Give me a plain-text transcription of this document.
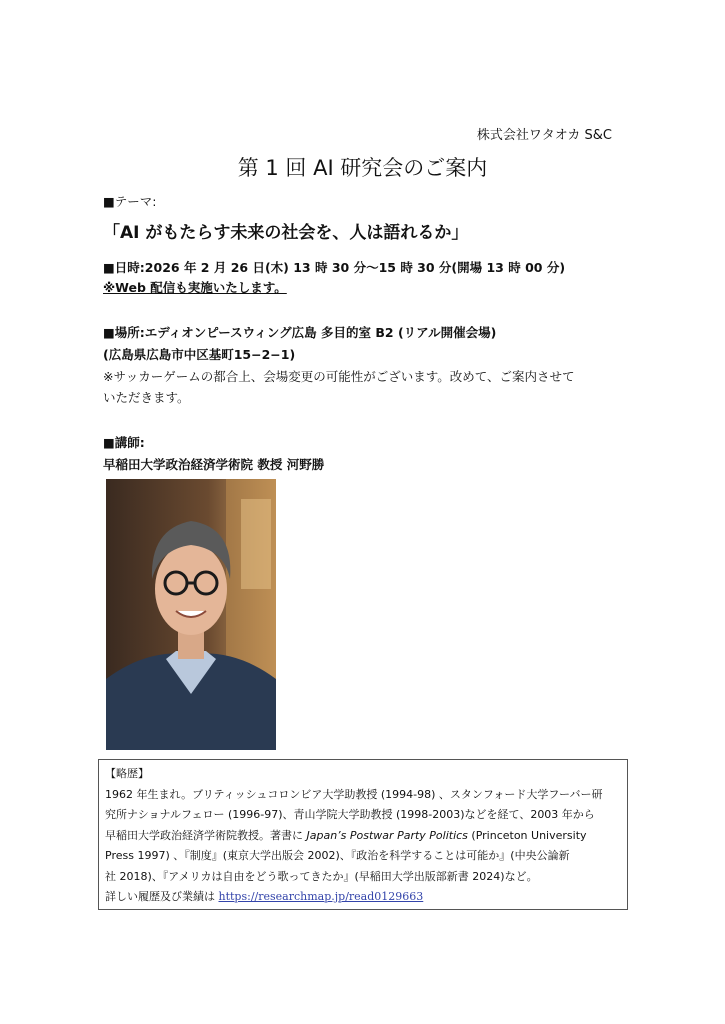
株式会社ワタオカ S&C
第 1 回 AI 研究会のご案内
■テーマ:
「AI がもたらす未来の社会を、人は語れるか」
■日時:2026 年 2 月 26 日(木) 13 時 30 分～15 時 30 分(開場 13 時 00 分)
※Web 配信も実施いたします。
■場所:エディオンピースウィング広島 多目的室 B2 (リアル開催会場)
(広島県広島市中区基町15−2−1)
※サッカーゲームの都合上、会場変更の可能性がございます。改めて、ご案内させて
いただきます。
■講師:
早稲田大学政治経済学術院 教授 河野勝
【略歴】
1962 年生まれ。ブリティッシュコロンビア大学助教授 (1994-98) 、スタンフォード大学フーバー研
究所ナショナルフェロー (1996-97)、青山学院大学助教授 (1998-2003)などを経て、2003 年から
早稲田大学政治経済学術院教授。著書に Japan’s Postwar Party Politics (Princeton University
Press 1997) 、『制度』(東京大学出版会 2002)、『政治を科学することは可能か』(中央公論新
社 2018)、『アメリカは自由をどう歌ってきたか』(早稲田大学出版部新書 2024)など。
詳しい履歴及び業績は https://researchmap.jp/read0129663
